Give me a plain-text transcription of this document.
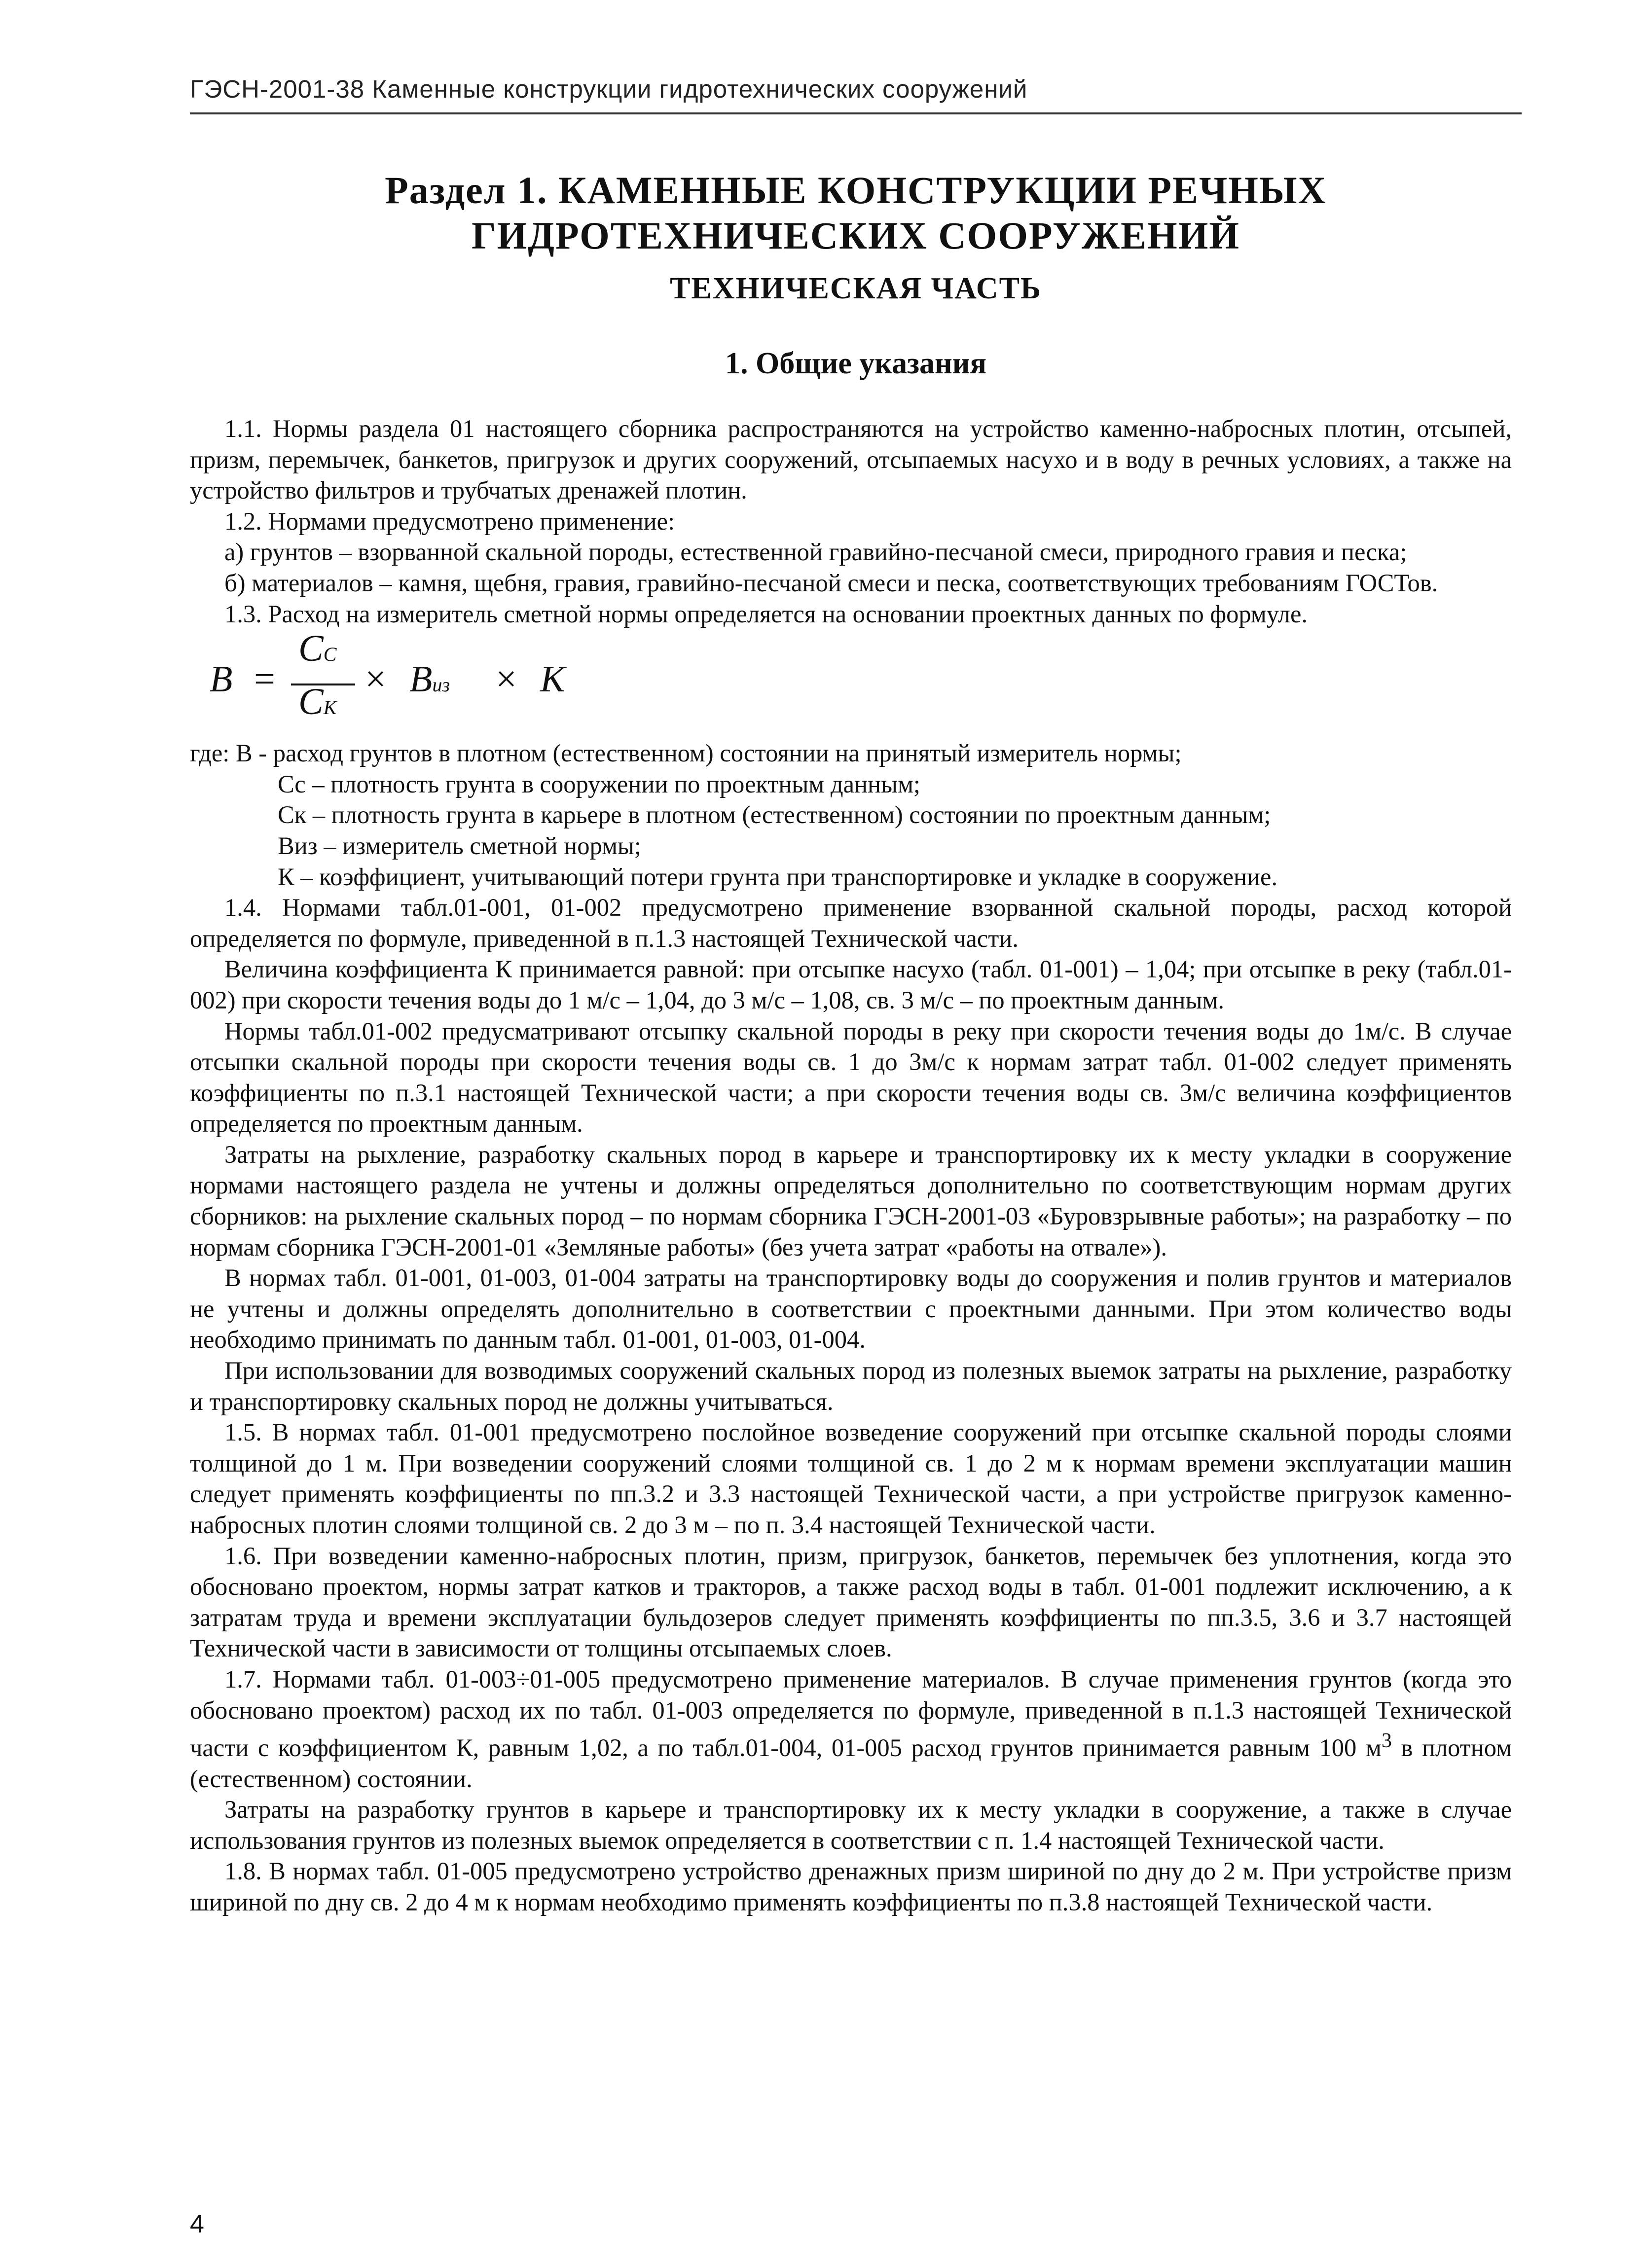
ГЭСН-2001-38 Каменные конструкции гидротехнических сооружений
Раздел 1. КАМЕННЫЕ КОНСТРУКЦИИ РЕЧНЫХ
ГИДРОТЕХНИЧЕСКИХ СООРУЖЕНИЙ
ТЕХНИЧЕСКАЯ ЧАСТЬ
1. Общие указания

1.1. Нормы раздела 01 настоящего сборника распространяются на устройство каменно-набросных плотин, отсыпей, призм, перемычек, банкетов, пригрузок и других сооружений, отсыпаемых насухо и в воду в речных условиях, а также на устройство фильтров и трубчатых дренажей плотин.

1.2. Нормами предусмотрено применение:

а) грунтов – взорванной скальной породы, естественной гравийно-песчаной смеси, природного гравия и песка;

б) материалов – камня, щебня, гравия, гравийно-песчаной смеси и песка, соответствующих требованиям ГОСТов.

1.3. Расход на измеритель сметной нормы определяется на основании проектных данных по формуле.

B =
CC
CK
× Bиз × K

где: В - расход грунтов в плотном (естественном) состоянии на принятый измеритель нормы;

Сс – плотность грунта в сооружении по проектным данным;

Ск – плотность грунта в карьере в плотном (естественном) состоянии по проектным данным;

Виз – измеритель сметной нормы;

К – коэффициент, учитывающий потери грунта при транспортировке и укладке в сооружение.

1.4. Нормами табл.01-001, 01-002 предусмотрено применение взорванной скальной породы, расход которой определяется по формуле, приведенной в п.1.3 настоящей Технической части.

Величина коэффициента К принимается равной: при отсыпке насухо (табл. 01-001) – 1,04; при отсыпке в реку (табл.01-002) при скорости течения воды до 1 м/с – 1,04, до 3 м/с – 1,08, св. 3 м/с – по проектным данным.

Нормы табл.01-002 предусматривают отсыпку скальной породы в реку при скорости течения воды до 1м/с. В случае отсыпки скальной породы при скорости течения воды св. 1 до 3м/с к нормам затрат табл. 01-002 следует применять коэффициенты по п.3.1 настоящей Технической части; а при скорости течения воды св. 3м/с величина коэффициентов определяется по проектным данным.

Затраты на рыхление, разработку скальных пород в карьере и транспортировку их к месту укладки в сооружение нормами настоящего раздела не учтены и должны определяться дополнительно по соответствующим нормам других сборников: на рыхление скальных пород – по нормам сборника ГЭСН-2001-03 «Буровзрывные работы»; на разработку – по нормам сборника ГЭСН-2001-01 «Земляные работы» (без учета затрат «работы на отвале»).

В нормах табл. 01-001, 01-003, 01-004 затраты на транспортировку воды до сооружения и полив грунтов и материалов не учтены и должны определять дополнительно в соответствии с проектными данными. При этом количество воды необходимо принимать по данным табл. 01-001, 01-003, 01-004.

При использовании для возводимых сооружений скальных пород из полезных выемок затраты на рыхление, разработку и транспортировку скальных пород не должны учитываться.

1.5. В нормах табл. 01-001 предусмотрено послойное возведение сооружений при отсыпке скальной породы слоями толщиной до 1 м. При возведении сооружений слоями толщиной св. 1 до 2 м к нормам времени эксплуатации машин следует применять коэффициенты по пп.3.2 и 3.3 настоящей Технической части, а при устройстве пригрузок каменно-набросных плотин слоями толщиной св. 2 до 3 м – по п. 3.4 настоящей Технической части.

1.6. При возведении каменно-набросных плотин, призм, пригрузок, банкетов, перемычек без уплотнения, когда это обосновано проектом, нормы затрат катков и тракторов, а также расход воды в табл. 01-001 подлежит исключению, а к затратам труда и времени эксплуатации бульдозеров следует применять коэффициенты по пп.3.5, 3.6 и 3.7 настоящей Технической части в зависимости от толщины отсыпаемых слоев.

1.7. Нормами табл. 01-003÷01-005 предусмотрено применение материалов. В случае применения грунтов (когда это обосновано проектом) расход их по табл. 01-003 определяется по формуле, приведенной в п.1.3 настоящей Технической части с коэффициентом К, равным 1,02, а по табл.01-004, 01-005 расход грунтов принимается равным 100 $м^3$ в плотном (естественном) состоянии.

Затраты на разработку грунтов в карьере и транспортировку их к месту укладки в сооружение, а также в случае использования грунтов из полезных выемок определяется в соответствии с п. 1.4 настоящей Технической части.

1.8. В нормах табл. 01-005 предусмотрено устройство дренажных призм шириной по дну до 2 м. При устройстве призм шириной по дну св. 2 до 4 м к нормам необходимо применять коэффициенты по п.3.8 настоящей Технической части.

4
